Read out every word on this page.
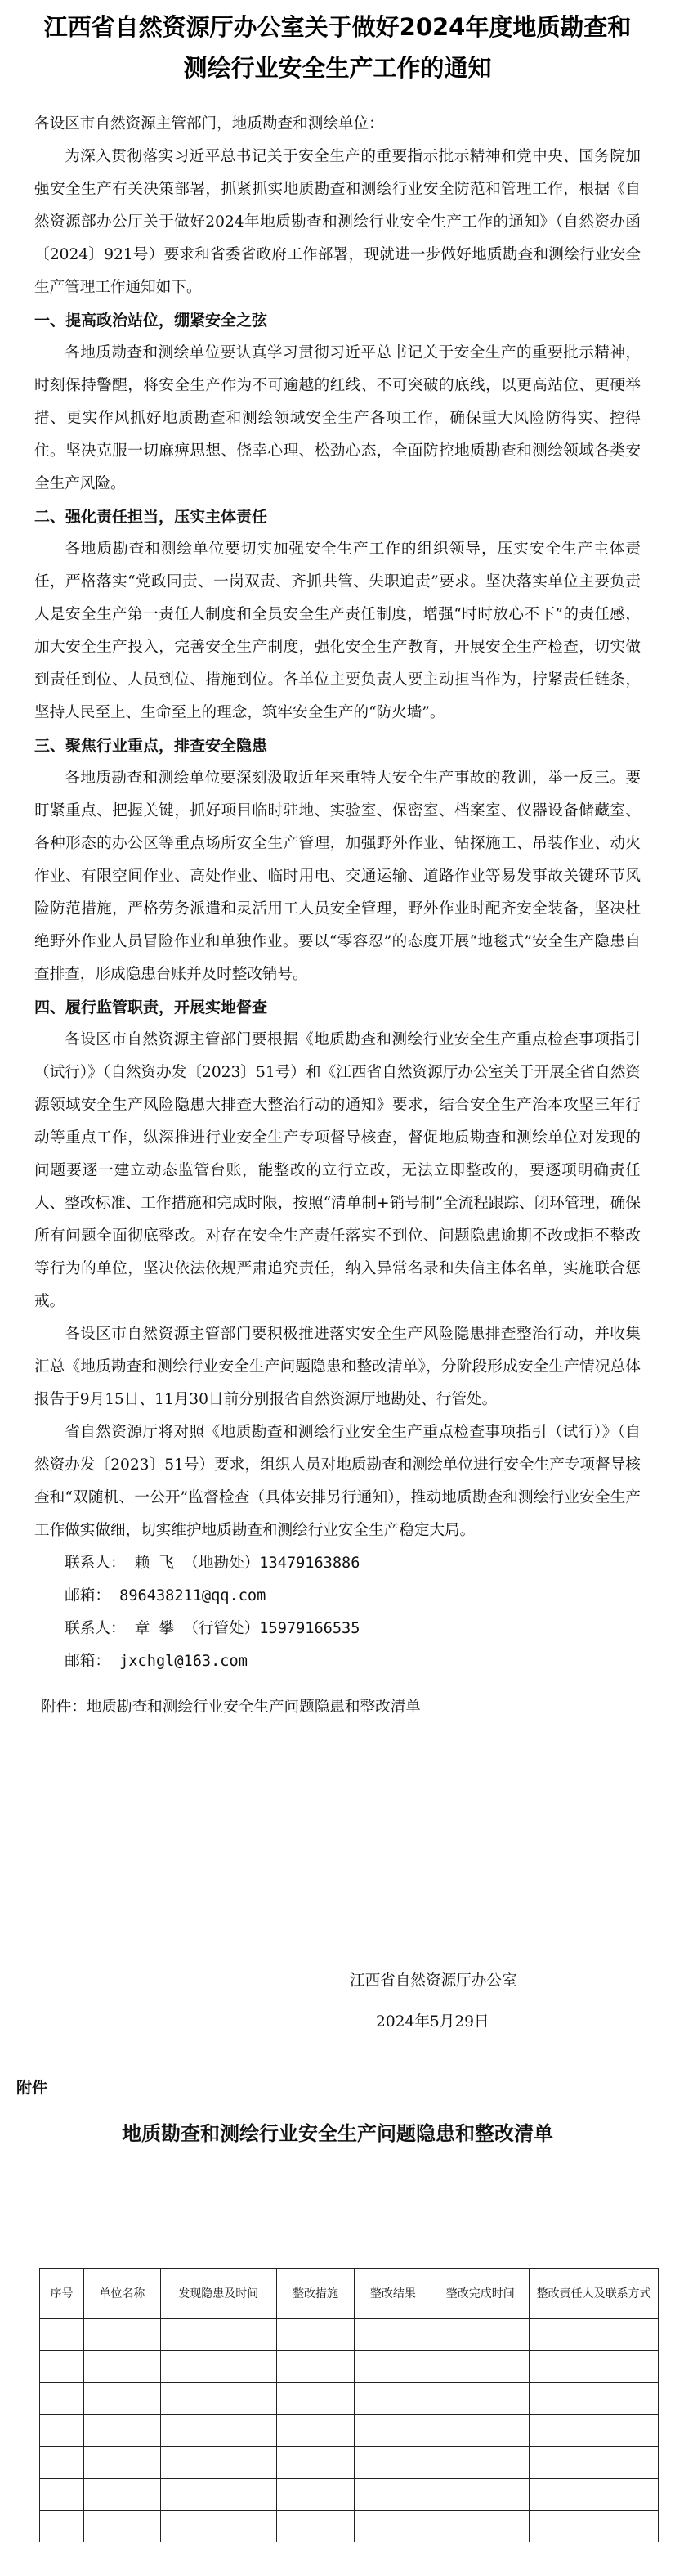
江西省自然资源厅办公室关于做好2024年度地质勘查和测绘行业安全生产工作的通知

各设区市自然资源主管部门，地质勘查和测绘单位：

为深入贯彻落实习近平总书记关于安全生产的重要指示批示精神和党中央、国务院加强安全生产有关决策部署，抓紧抓实地质勘查和测绘行业安全防范和管理工作，根据《自然资源部办公厅关于做好2024年地质勘查和测绘行业安全生产工作的通知》（自然资办函〔2024〕921号）要求和省委省政府工作部署，现就进一步做好地质勘查和测绘行业安全生产管理工作通知如下。

一、提高政治站位，绷紧安全之弦

各地质勘查和测绘单位要认真学习贯彻习近平总书记关于安全生产的重要批示精神，时刻保持警醒，将安全生产作为不可逾越的红线、不可突破的底线，以更高站位、更硬举措、更实作风抓好地质勘查和测绘领域安全生产各项工作，确保重大风险防得实、控得住。坚决克服一切麻痹思想、侥幸心理、松劲心态，全面防控地质勘查和测绘领域各类安全生产风险。

二、强化责任担当，压实主体责任

各地质勘查和测绘单位要切实加强安全生产工作的组织领导，压实安全生产主体责任，严格落实“党政同责、一岗双责、齐抓共管、失职追责”要求。坚决落实单位主要负责人是安全生产第一责任人制度和全员安全生产责任制度，增强“时时放心不下”的责任感，加大安全生产投入，完善安全生产制度，强化安全生产教育，开展安全生产检查，切实做到责任到位、人员到位、措施到位。各单位主要负责人要主动担当作为，拧紧责任链条，坚持人民至上、生命至上的理念，筑牢安全生产的“防火墙”。

三、聚焦行业重点，排查安全隐患

各地质勘查和测绘单位要深刻汲取近年来重特大安全生产事故的教训，举一反三。要盯紧重点、把握关键，抓好项目临时驻地、实验室、保密室、档案室、仪器设备储藏室、各种形态的办公区等重点场所安全生产管理，加强野外作业、钻探施工、吊装作业、动火作业、有限空间作业、高处作业、临时用电、交通运输、道路作业等易发事故关键环节风险防范措施，严格劳务派遣和灵活用工人员安全管理，野外作业时配齐安全装备，坚决杜绝野外作业人员冒险作业和单独作业。要以“零容忍”的态度开展“地毯式”安全生产隐患自查排查，形成隐患台账并及时整改销号。

四、履行监管职责，开展实地督查

各设区市自然资源主管部门要根据《地质勘查和测绘行业安全生产重点检查事项指引（试行）》（自然资办发〔2023〕51号）和《江西省自然资源厅办公室关于开展全省自然资源领域安全生产风险隐患大排查大整治行动的通知》要求，结合安全生产治本攻坚三年行动等重点工作，纵深推进行业安全生产专项督导核查，督促地质勘查和测绘单位对发现的问题要逐一建立动态监管台账，能整改的立行立改，无法立即整改的，要逐项明确责任人、整改标准、工作措施和完成时限，按照“清单制+销号制”全流程跟踪、闭环管理，确保所有问题全面彻底整改。对存在安全生产责任落实不到位、问题隐患逾期不改或拒不整改等行为的单位，坚决依法依规严肃追究责任，纳入异常名录和失信主体名单，实施联合惩戒。

各设区市自然资源主管部门要积极推进落实安全生产风险隐患排查整治行动，并收集汇总《地质勘查和测绘行业安全生产问题隐患和整改清单》，分阶段形成安全生产情况总体报告于9月15日、11月30日前分别报省自然资源厅地勘处、行管处。

省自然资源厅将对照《地质勘查和测绘行业安全生产重点检查事项指引（试行）》（自然资办发〔2023〕51号）要求，组织人员对地质勘查和测绘单位进行安全生产专项督导核查和“双随机、一公开”监督检查（具体安排另行通知），推动地质勘查和测绘行业安全生产工作做实做细，切实维护地质勘查和测绘行业安全生产稳定大局。

联系人： 赖 飞 （地勘处）13479163886

邮箱： 896438211@qq.com

联系人： 章 攀 （行管处）15979166535

邮箱： jxchgl@163.com

附件：地质勘查和测绘行业安全生产问题隐患和整改清单

江西省自然资源厅办公室
2024年5月29日
附件
地质勘查和测绘行业安全生产问题隐患和整改清单
序号	单位名称	发现隐患及时间	整改措施	整改结果	整改完成时间	整改责任人及联系方式
